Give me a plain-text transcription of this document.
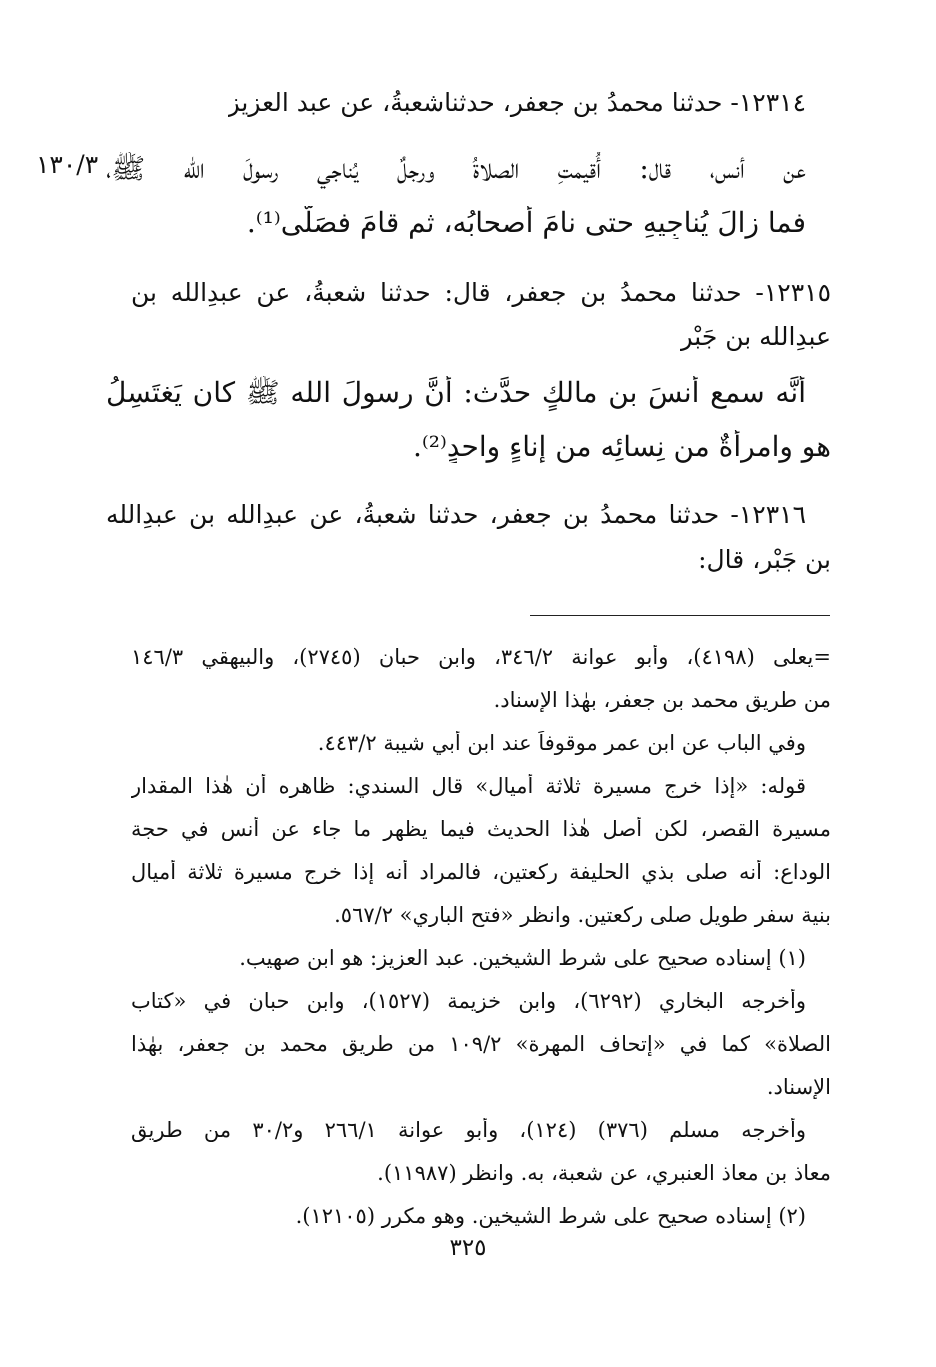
١٣٠/٣
١٢٣١٤- حدثنا محمدُ بن جعفرٍ، حدثناشعبةُ، عن عبد العزيزِ
عن أنس، قال: أُقيمتِ الصلاةُ ورجلٌ يُناجي رسولَ الله ﷺ،
فما زالَ يُناجِيهِ حتى نامَ أصحابُه، ثم قامَ فصَلَّى⁽¹⁾.
١٢٣١٥- حدثنا محمدُ بن جعفرٍ، قال: حدثنا شعبةُ، عن عبدِالله بن
عبدِالله بن جَبْر
أنَّه سمع أنسَ بن مالكٍ حدَّث: أنَّ رسولَ الله ﷺ كان يَغتَسِلُ
هو وامرأةٌ من نِسائِه من إناءٍ واحدٍ⁽²⁾.
١٢٣١٦- حدثنا محمدُ بن جعفرٍ، حدثنا شعبةُ، عن عبدِالله بن عبدِالله
بن جَبْرٍ، قال:
=يعلى (٤١٩٨)، وأبو عوانة ٣٤٦/٢، وابن حبان (٢٧٤٥)، والبيهقي ١٤٦/٣
من طريق محمد بن جعفر، بهٰذا الإسناد.
وفي الباب عن ابن عمر موقوفاً عند ابن أبي شيبة ٤٤٣/٢.
قوله: «إذا خرج مسيرة ثلاثة أميال» قال السندي: ظاهره أن هٰذا المقدار
مسيرة القصر، لكن أصل هٰذا الحديث فيما يظهر ما جاء عن أنس في حجة
الوداع: أنه صلى بذي الحليفة ركعتين، فالمراد أنه إذا خرج مسيرة ثلاثة أميال
بنية سفر طويل صلى ركعتين. وانظر «فتح الباري» ٥٦٧/٢.
(١) إسناده صحيح على شرط الشيخين. عبد العزيز: هو ابن صهيب.
وأخرجه البخاري (٦٢٩٢)، وابن خزيمة (١٥٢٧)، وابن حبان في «كتاب
الصلاة» كما في «إتحاف المهرة» ١٠٩/٢ من طريق محمد بن جعفر، بهٰذا
الإسناد.
وأخرجه مسلم (٣٧٦) (١٢٤)، وأبو عوانة ٢٦٦/١ و٣٠/٢ من طريق
معاذ بن معاذ العنبري، عن شعبة، به. وانظر (١١٩٨٧).
(٢) إسناده صحيح على شرط الشيخين. وهو مكرر (١٢١٠٥).
٣٢٥
